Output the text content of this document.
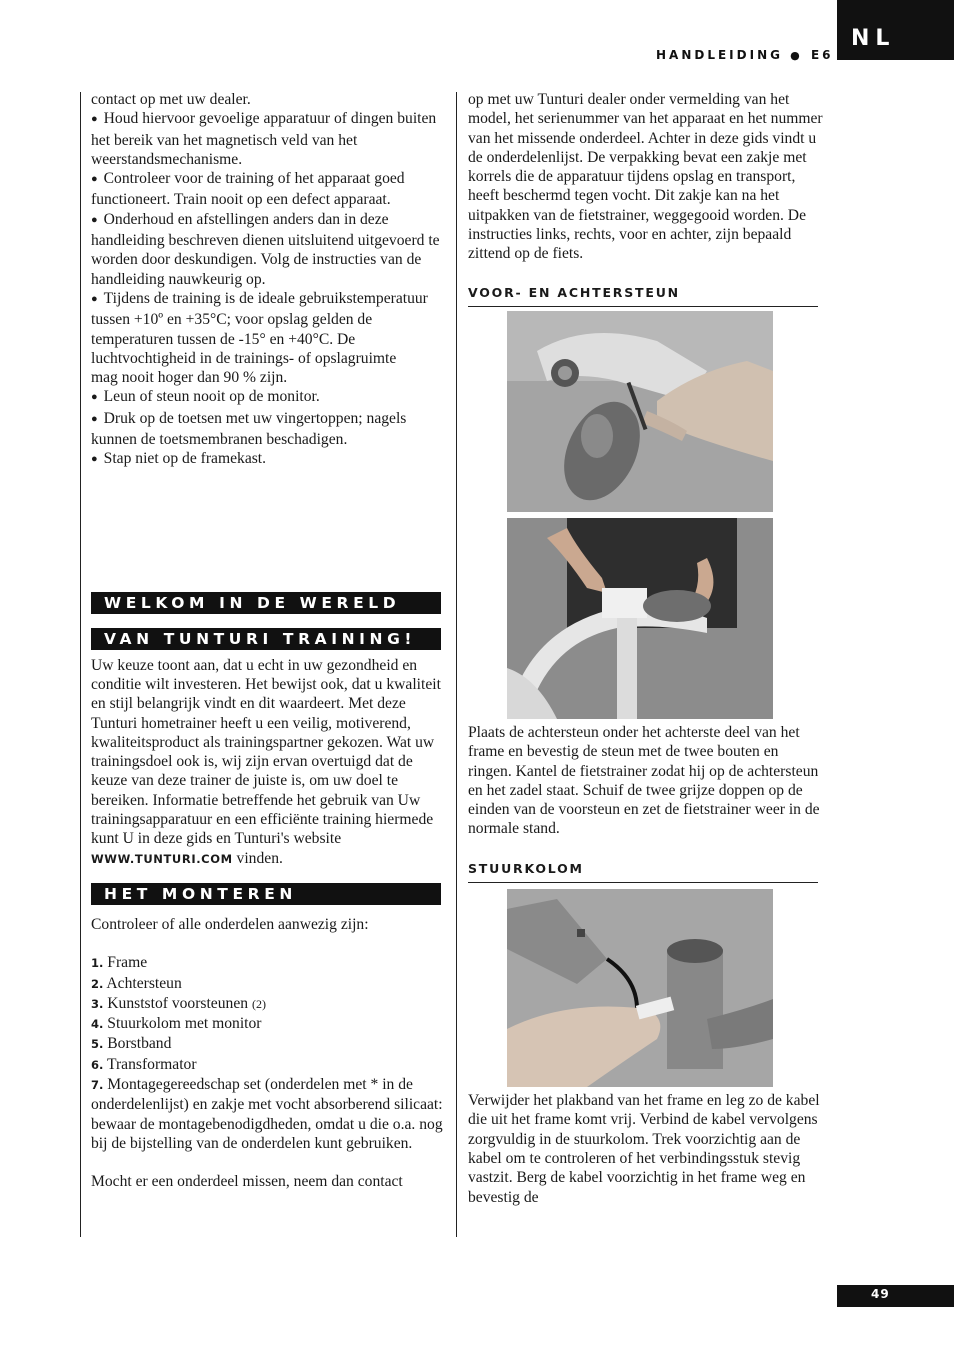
HANDLEIDING ● E6
NL

contact op met uw dealer.

● Houd hiervoor gevoelige apparatuur of dingen buiten het bereik van het magnetisch veld van het weerstandsmechanisme.

● Controleer voor de training of het apparaat goed functioneert. Train nooit op een defect apparaat.

● Onderhoud en afstellingen anders dan in deze handleiding beschreven dienen uitsluitend uitgevoerd te worden door deskundigen. Volg de instructies van de handleiding nauwkeurig op.

● Tijdens de training is de ideale gebruikstemperatuur tussen +10º en +35°C; voor opslag gelden de temperaturen tussen de -15° en +40°C. De luchtvochtigheid in de trainings- of opslagruimte

mag nooit hoger dan 90 % zijn.

● Leun of steun nooit op de monitor.

● Druk op de toetsen met uw vingertoppen; nagels kunnen de toetsmembranen beschadigen.

● Stap niet op de framekast.

WELKOM IN DE WERELD
VAN TUNTURI TRAINING!

Uw keuze toont aan, dat u echt in uw gezondheid en conditie wilt investeren. Het bewijst ook, dat u kwaliteit en stijl belangrijk vindt en dit waardeert. Met deze Tunturi hometrainer heeft u een veilig, motiverend, kwaliteitsproduct als trainingspartner gekozen. Wat uw trainingsdoel ook is, wij zijn ervan overtuigd dat de keuze van deze trainer de juiste is, om uw doel te bereiken. Informatie betreffende het gebruik van Uw trainingsapparatuur en een efficiënte training hiermede kunt U in deze gids en Tunturi's website WWW.TUNTURI.COM vinden.

HET MONTEREN

Controleer of alle onderdelen aanwezig zijn:

1. Frame

2. Achtersteun

3. Kunststof voorsteunen (2)

4. Stuurkolom met monitor

5. Borstband

6. Transformator

7. Montagegereedschap set (onderdelen met * in de onderdelenlijst) en zakje met vocht absorberend silicaat: bewaar de montagebenodigdheden, omdat u die o.a. nog bij de bijstelling van de onderdelen kunt gebruiken.

Mocht er een onderdeel missen, neem dan contact

op met uw Tunturi dealer onder vermelding van het model, het serienummer van het apparaat en het nummer van het missende onderdeel. Achter in deze gids vindt u de onderdelenlijst. De verpakking bevat een zakje met korrels die de apparatuur tijdens opslag en transport, heeft beschermd tegen vocht. Dit zakje kan na het uitpakken van de fietstrainer, weggegooid worden. De instructies links, rechts, voor en achter, zijn bepaald zittend op de fiets.

VOOR- EN ACHTERSTEUN

Plaats de achtersteun onder het achterste deel van het frame en bevestig de steun met de twee bouten en ringen. Kantel de fietstrainer zodat hij op de achtersteun en het zadel staat. Schuif de twee grijze doppen op de einden van de voorsteun en zet de fietstrainer weer in de normale stand.

STUURKOLOM

Verwijder het plakband van het frame en leg zo de kabel die uit het frame komt vrij. Verbind de kabel vervolgens zorgvuldig in de stuurkolom. Trek voorzichtig aan de kabel om te controleren of het verbindingsstuk stevig vastzit. Berg de kabel voorzichtig in het frame weg en bevestig de

49
